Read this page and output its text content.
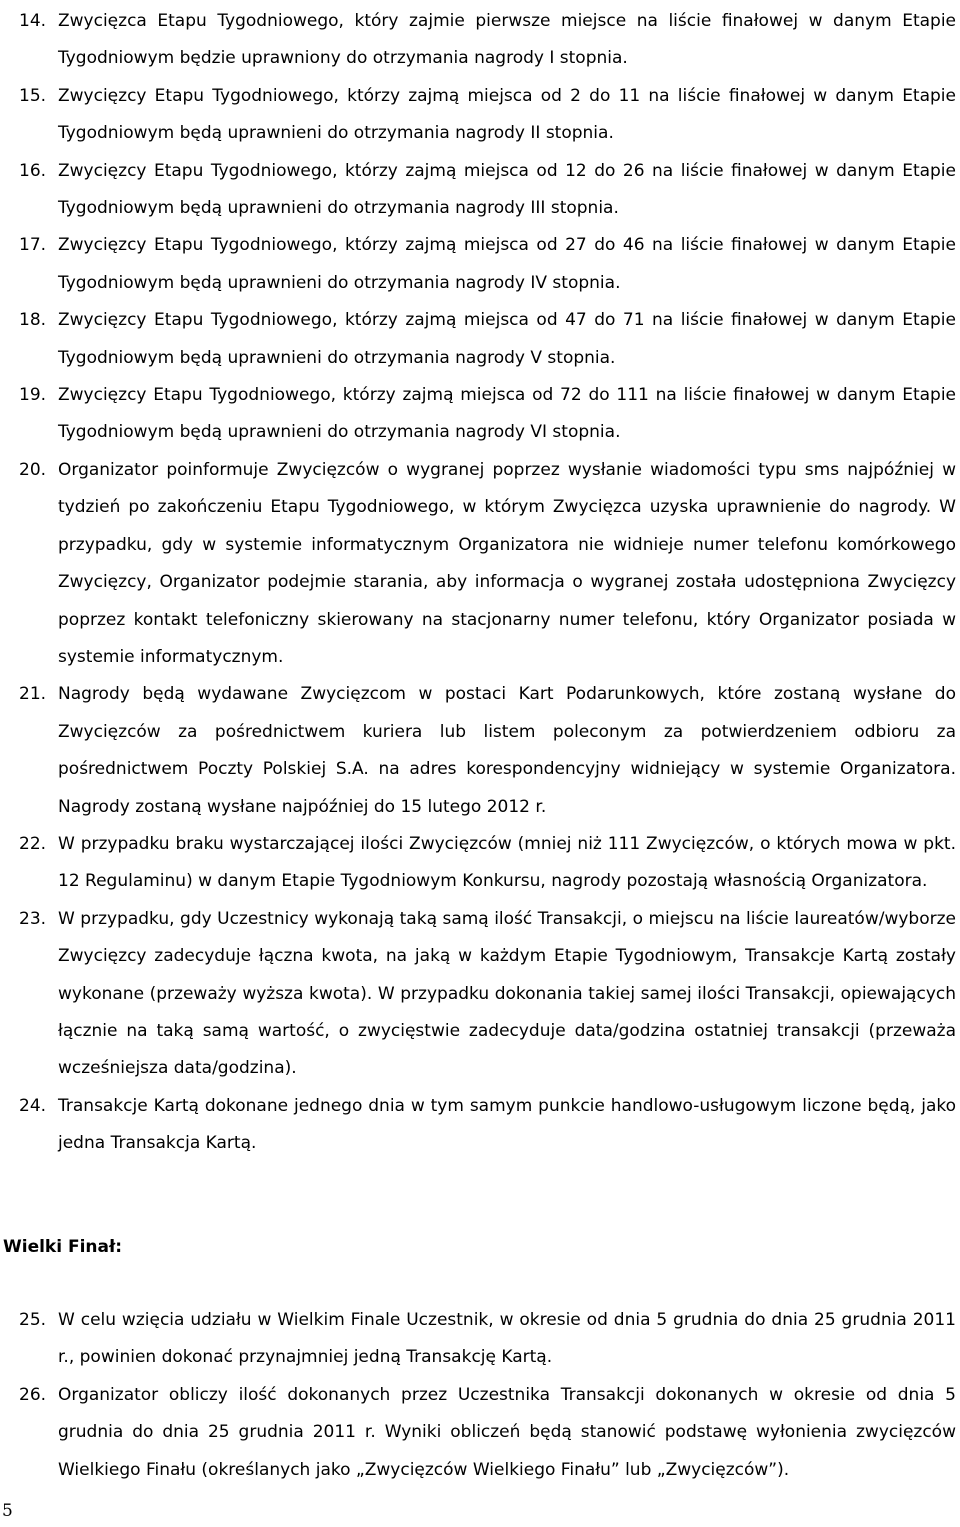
14. Zwycięzca Etapu Tygodniowego, który zajmie pierwsze miejsce na liście finałowej w danym Etapie Tygodniowym będzie uprawniony do otrzymania nagrody I stopnia.
15. Zwycięzcy Etapu Tygodniowego, którzy zajmą miejsca od 2 do 11 na liście finałowej w danym Etapie Tygodniowym będą uprawnieni do otrzymania nagrody II stopnia.
16. Zwycięzcy Etapu Tygodniowego, którzy zajmą miejsca od 12 do 26 na liście finałowej w danym Etapie Tygodniowym będą uprawnieni do otrzymania nagrody III stopnia.
17. Zwycięzcy Etapu Tygodniowego, którzy zajmą miejsca od 27 do 46 na liście finałowej w danym Etapie Tygodniowym będą uprawnieni do otrzymania nagrody IV stopnia.
18. Zwycięzcy Etapu Tygodniowego, którzy zajmą miejsca od 47 do 71 na liście finałowej w danym Etapie Tygodniowym będą uprawnieni do otrzymania nagrody V stopnia.
19. Zwycięzcy Etapu Tygodniowego, którzy zajmą miejsca od 72 do 111 na liście finałowej w danym Etapie Tygodniowym będą uprawnieni do otrzymania nagrody VI stopnia.
20. Organizator poinformuje Zwycięzców o wygranej poprzez wysłanie wiadomości typu sms najpóźniej w tydzień po zakończeniu Etapu Tygodniowego, w którym Zwycięzca uzyska uprawnienie do nagrody. W przypadku, gdy w systemie informatycznym Organizatora nie widnieje numer telefonu komórkowego Zwycięzcy, Organizator podejmie starania, aby informacja o wygranej została udostępniona Zwycięzcy poprzez kontakt telefoniczny skierowany na stacjonarny numer telefonu, który Organizator posiada w systemie informatycznym.
21. Nagrody będą wydawane Zwycięzcom w postaci Kart Podarunkowych, które zostaną wysłane do Zwycięzców za pośrednictwem kuriera lub listem poleconym za potwierdzeniem odbioru za pośrednictwem Poczty Polskiej S.A. na adres korespondencyjny widniejący w systemie Organizatora. Nagrody zostaną wysłane najpóźniej do 15 lutego 2012 r.
22. W przypadku braku wystarczającej ilości Zwycięzców (mniej niż 111 Zwycięzców, o których mowa w pkt. 12 Regulaminu) w danym Etapie Tygodniowym Konkursu, nagrody pozostają własnością Organizatora.
23. W przypadku, gdy Uczestnicy wykonają taką samą ilość Transakcji, o miejscu na liście laureatów/wyborze Zwycięzcy zadecyduje łączna kwota, na jaką w każdym Etapie Tygodniowym, Transakcje Kartą zostały wykonane (przeważy wyższa kwota). W przypadku dokonania takiej samej ilości Transakcji, opiewających łącznie na taką samą wartość, o zwycięstwie zadecyduje data/godzina ostatniej transakcji (przeważa wcześniejsza data/godzina).
24. Transakcje Kartą dokonane jednego dnia w tym samym punkcie handlowo-usługowym liczone będą, jako jedna Transakcja Kartą.
Wielki Finał:
25. W celu wzięcia udziału w Wielkim Finale Uczestnik, w okresie od dnia 5 grudnia do dnia 25 grudnia 2011 r., powinien dokonać przynajmniej jedną Transakcję Kartą.
26. Organizator obliczy ilość dokonanych przez Uczestnika Transakcji dokonanych w okresie od dnia 5 grudnia do dnia 25 grudnia 2011 r. Wyniki obliczeń będą stanowić podstawę wyłonienia zwycięzców Wielkiego Finału (określanych jako „Zwycięzców Wielkiego Finału” lub „Zwycięzców”).
5
